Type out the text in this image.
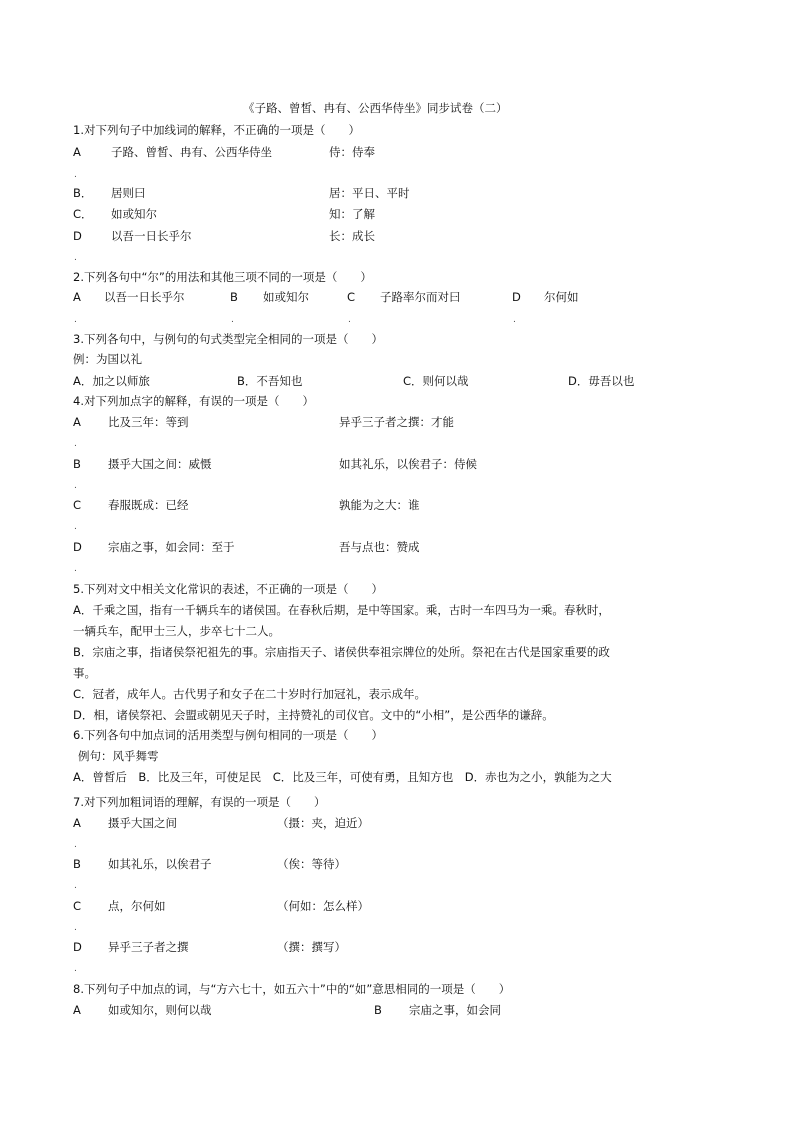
《子路、曾皙、冉有、公西华侍坐》同步试卷（二）
1.对下列句子中加线词的解释，不正确的一项是（　　）
A	子路、曾皙、冉有、公西华侍坐	侍：侍奉
.
B． 居则曰	居：平日、平时
C． 如或知尔	知：了解
D	以吾一日长乎尔	长：成长
.
2.下列各句中“尔”的用法和其他三项不同的一项是（　　）
A 以吾一日长乎尔	B 如或知尔	C 子路率尔而对曰	D 尔何如
.	.	.	.
3.下列各句中，与例句的句式类型完全相同的一项是（　　）
例：为国以礼
A．加之以师旅	B．不吾知也	C．则何以哉	D．毋吾以也
4.对下列加点字的解释，有误的一项是（　　）
A 比及三年：等到	异乎三子者之撰：才能
.
B 摄乎大国之间：威慑	如其礼乐，以俟君子：侍候
.
C 春服既成：已经	孰能为之大：谁
.
D 宗庙之事，如会同：至于	吾与点也：赞成
.
5.下列对文中相关文化常识的表述，不正确的一项是（　　）
A．千乘之国，指有一千辆兵车的诸侯国。在春秋后期，是中等国家。乘，古时一车四马为一乘。春秋时，
一辆兵车，配甲士三人，步卒七十二人。
B．宗庙之事，指诸侯祭祀祖先的事。宗庙指天子、诸侯供奉祖宗牌位的处所。祭祀在古代是国家重要的政
事。
C．冠者，成年人。古代男子和女子在二十岁时行加冠礼，表示成年。
D．相，诸侯祭祀、会盟或朝见天子时，主持赞礼的司仪官。文中的“小相”，是公西华的谦辞。
6.下列各句中加点词的活用类型与例句相同的一项是（　　）
例句：风乎舞雩
A．曾皙后　B．比及三年，可使足民　C．比及三年，可使有勇，且知方也　D．赤也为之小，孰能为之大
7.对下列加粗词语的理解，有误的一项是（　　）
A 摄乎大国之间	（摄：夹，迫近）
.
B 如其礼乐，以俟君子	（俟：等待）
.
C 点，尔何如	（何如：怎么样）
.
D 异乎三子者之撰	（撰：撰写）
.
8.下列句子中加点的词，与“方六七十，如五六十”中的“如”意思相同的一项是（　　）
A 如或知尔，则何以哉	B 宗庙之事，如会同
